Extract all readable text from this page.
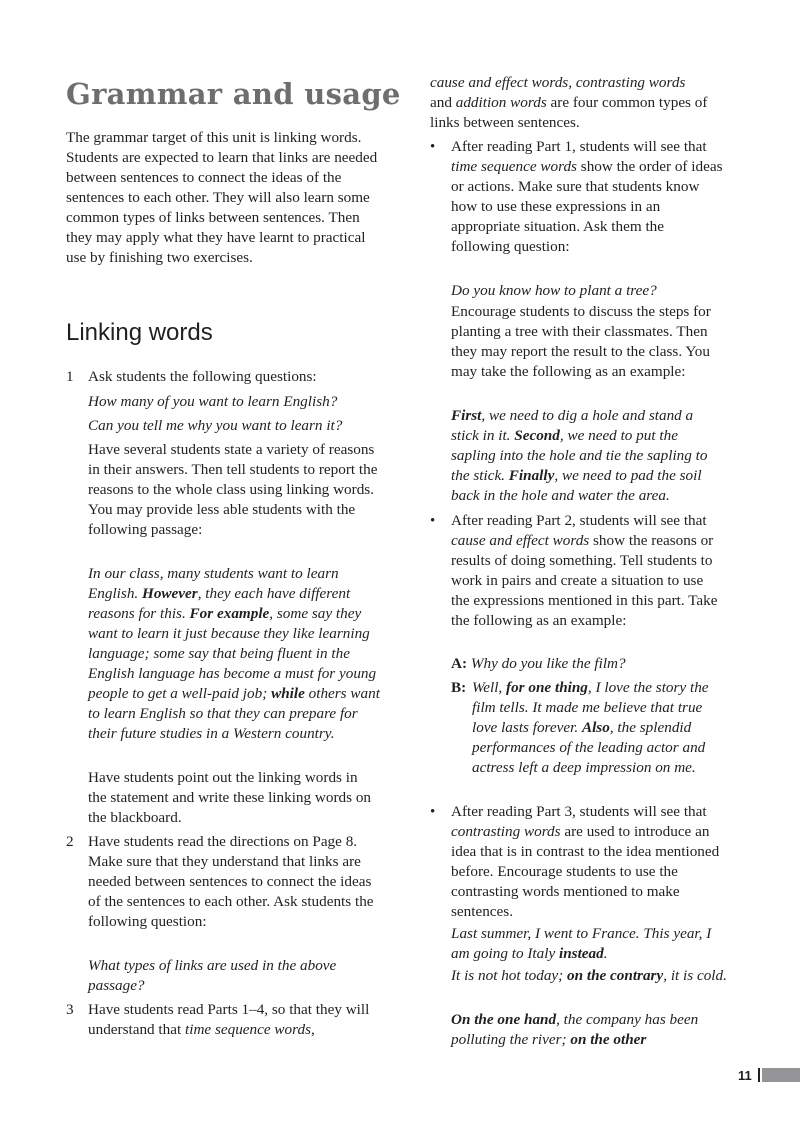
Grammar and usage

The grammar target of this unit is linking words. Students are expected to learn that links are needed between sentences to connect the ideas of the sentences to each other. They will also learn some common types of links between sentences. Then they may apply what they have learnt to practical use by finishing two exercises.

Linking words
1 Ask students the following questions:

How many of you want to learn English?

Can you tell me why you want to learn it?

Have several students state a variety of reasons in their answers. Then tell students to report the reasons to the whole class using linking words. You may provide less able students with the following passage:

In our class, many students want to learn English. However, they each have different reasons for this. For example, some say they want to learn it just because they like learning language; some say that being fluent in the English language has become a must for young people to get a well-paid job; while others want to learn English so that they can prepare for their future studies in a Western country.

Have students point out the linking words in the statement and write these linking words on the blackboard.

2 Have students read the directions on Page 8. Make sure that they understand that links are needed between sentences to connect the ideas of the sentences to each other. Ask students the following question:

What types of links are used in the above passage?

3 Have students read Parts 1–4, so that they will understand that time sequence words,

cause and effect words, contrasting words
and addition words are four common types of links between sentences.

• After reading Part 1, students will see that time sequence words show the order of ideas or actions. Make sure that students know how to use these expressions in an appropriate situation. Ask them the following question:

Do you know how to plant a tree?

Encourage students to discuss the steps for planting a tree with their classmates. Then they may report the result to the class. You may take the following as an example:

First, we need to dig a hole and stand a stick in it. Second, we need to put the sapling into the hole and tie the sapling to the stick. Finally, we need to pad the soil back in the hole and water the area.

• After reading Part 2, students will see that cause and effect words show the reasons or results of doing something. Tell students to work in pairs and create a situation to use the expressions mentioned in this part. Take the following as an example:

A: Why do you like the film?

B: Well, for one thing, I love the story the film tells. It made me believe that true love lasts forever. Also, the splendid performances of the leading actor and actress left a deep impression on me.

• After reading Part 3, students will see that contrasting words are used to introduce an idea that is in contrast to the idea mentioned before. Encourage students to use the contrasting words mentioned to make sentences.

Last summer, I went to France. This year, I am going to Italy instead.

It is not hot today; on the contrary, it is cold.

On the one hand, the company has been polluting the river; on the other

11
